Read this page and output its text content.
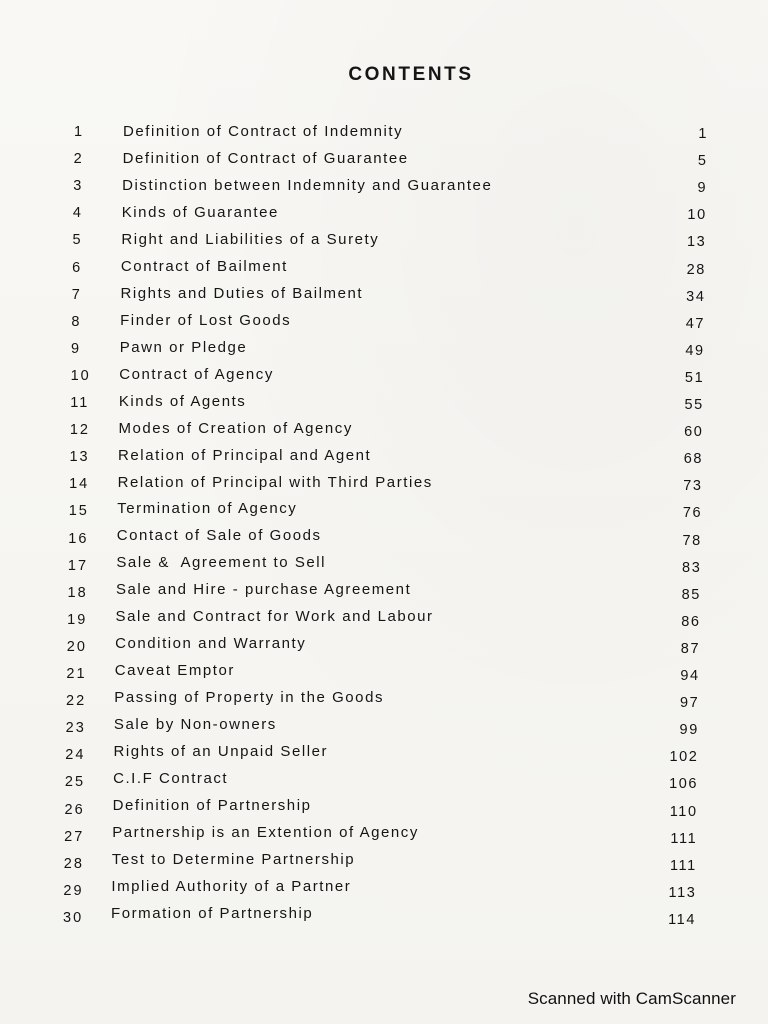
CONTENTS
1	Definition of Contract of Indemnity	1
2	Definition of Contract of Guarantee	5
3	Distinction between Indemnity and Guarantee	9
4	Kinds of Guarantee	10
5	Right and Liabilities of a Surety	13
6	Contract of Bailment	28
7	Rights and Duties of Bailment	34
8	Finder of Lost Goods	47
9	Pawn or Pledge	49
10 Contract of Agency	51
11 Kinds of Agents	55
12 Modes of Creation of Agency	60
13 Relation of Principal and Agent	68
14 Relation of Principal with Third Parties	73
15 Termination of Agency	76
16 Contact of Sale of Goods	78
17 Sale &  Agreement to Sell	83
18 Sale and Hire - purchase Agreement	85
19 Sale and Contract for Work and Labour	86
20 Condition and Warranty	87
21 Caveat Emptor	94
22 Passing of Property in the Goods	97
23 Sale by Non-owners	99
24 Rights of an Unpaid Seller	102
25 C.I.F Contract	106
26 Definition of Partnership	110
27 Partnership is an Extention of Agency	111
28 Test to Determine Partnership	111
29 Implied Authority of a Partner	113
30 Formation of Partnership	114
Scanned with CamScanner
